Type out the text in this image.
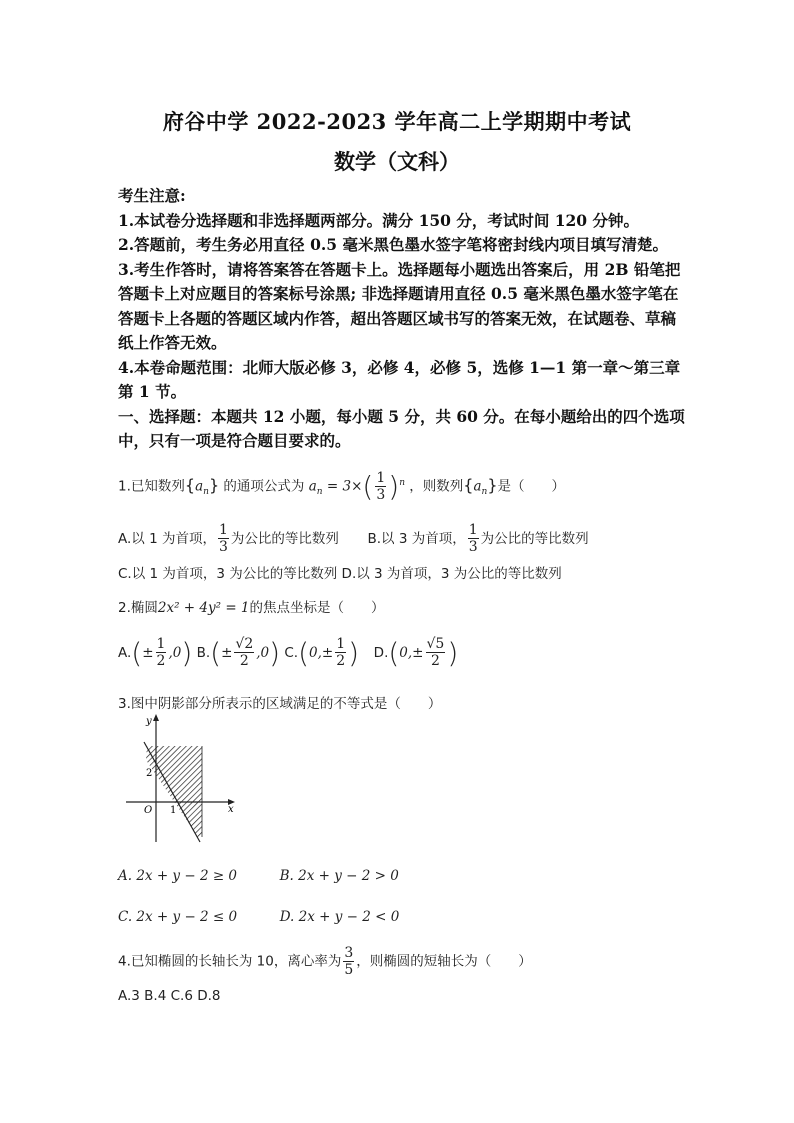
府谷中学 2022-2023 学年高二上学期期中考试
数学（文科）

考生注意:

1.本试卷分选择题和非选择题两部分。满分 150 分，考试时间 120 分钟。

2.答题前，考生务必用直径 0.5 毫米黑色墨水签字笔将密封线内项目填写清楚。

3.考生作答时，请将答案答在答题卡上。选择题每小题选出答案后，用 2B 铅笔把答题卡上对应题目的答案标号涂黑; 非选择题请用直径 0.5 毫米黑色墨水签字笔在答题卡上各题的答题区域内作答，超出答题区域书写的答案无效，在试题卷、草稿纸上作答无效。

4.本卷命题范围：北师大版必修 3，必修 4，必修 5，选修 1—1 第一章～第三章第 1 节。

一、选择题：本题共 12 小题，每小题 5 分，共 60 分。在每小题给出的四个选项中，只有一项是符合题目要求的。

1.已知数列$\{a_n\}$ 的通项公式为 $a_n = 3\times( \frac{1}{3} )^n$ ，则数列$\{a_n\}$是（　　）
A.以 1 为首项， $\frac{1}{3}$ 为公比的等比数列 B.以 3 为首项， $\frac{1}{3}$ 为公比的等比数列
C.以 1 为首项，3 为公比的等比数列 D.以 3 为首项，3 为公比的等比数列
2.椭圆2x² + 4y² = 1的焦点坐标是（　　）
$A.(\pm \frac{1}{2} ,0)$ $B.(\pm \frac{√2}{2} ,0)$ $C.(0,\pm \frac{1}{2}$ ) $D.(0,\pm \frac{√5}{2}$ )
3.图中阴影部分所表示的区域满足的不等式是（　　）
y
x
O
2
1
A. 2x + y − 2 ≥ 0	B. 2x + y − 2 > 0
C. 2x + y − 2 ≤ 0	D. 2x + y − 2 < 0
4.已知椭圆的长轴长为 10，离心率为 $\frac{3}{5}$ ，则椭圆的短轴长为（　　）
A.3 B.4 C.6 D.8
